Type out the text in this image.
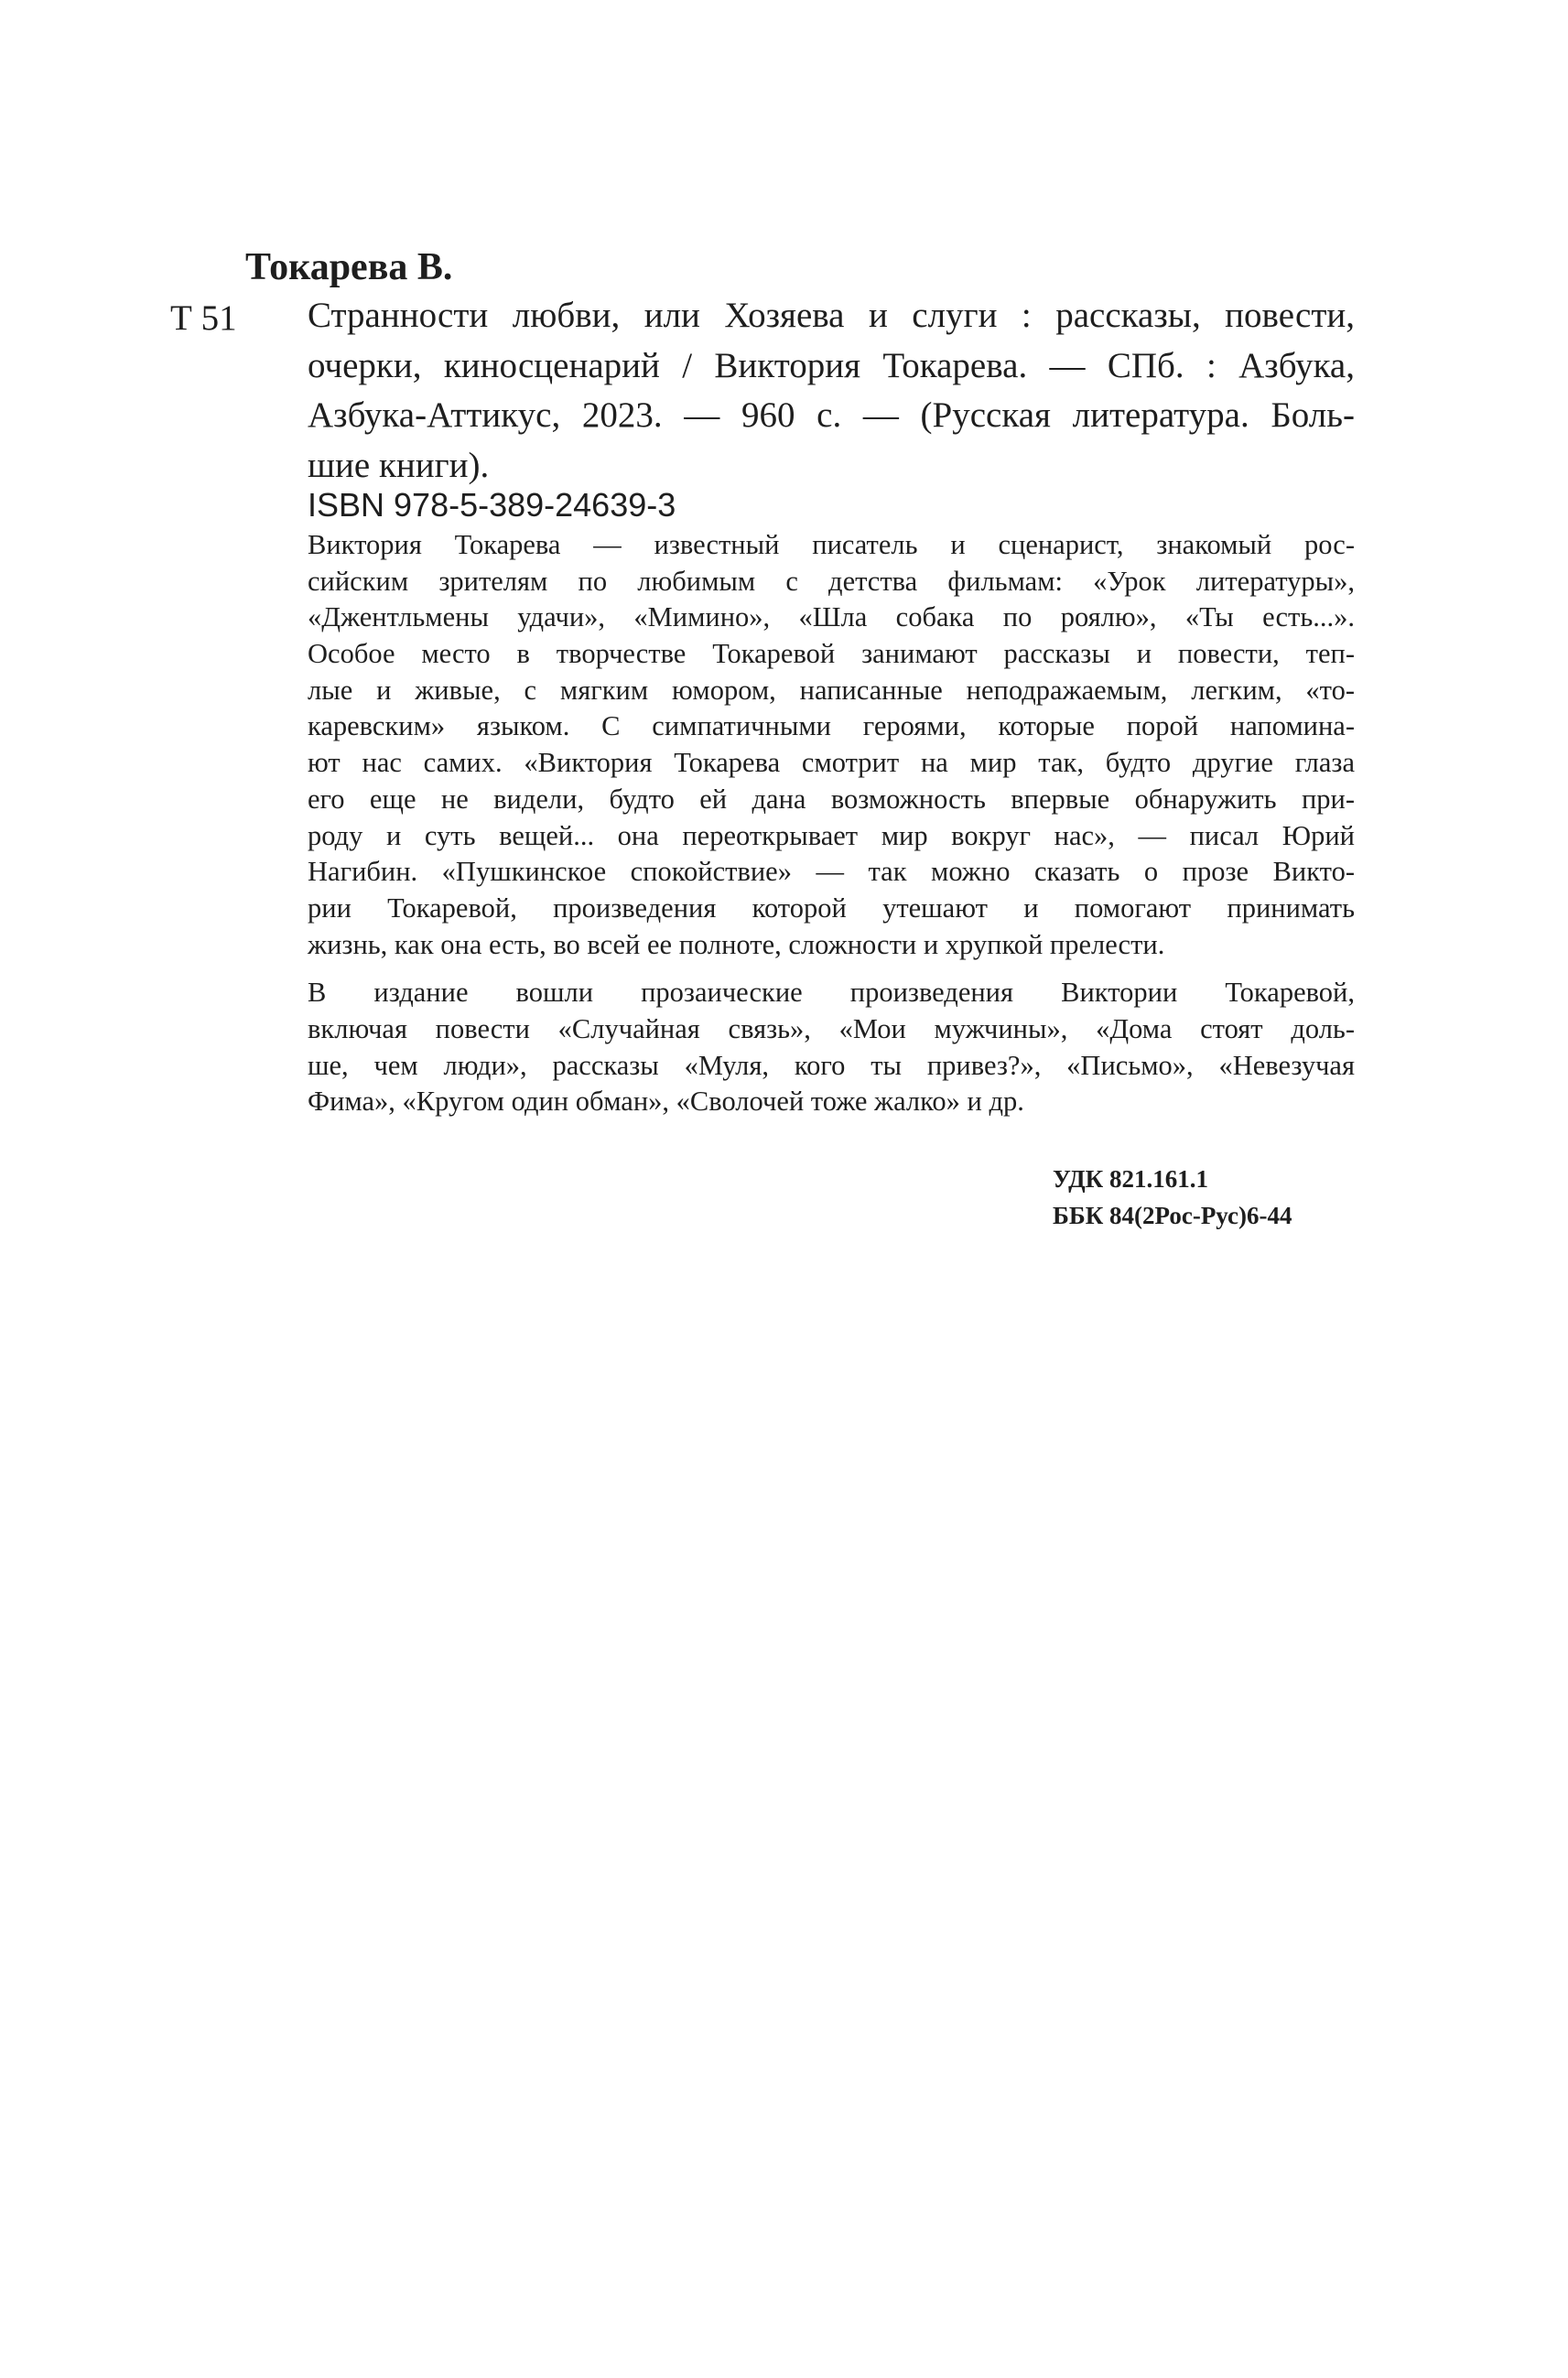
Токарева В.
Т 51 Странности любви, или Хозяева и слуги : рассказы, повести,
очерки, киносценарий / Виктория Токарева. — СПб. : Азбука,
Азбука-Аттикус, 2023. — 960 с. — (Русская литература. Боль-
шие книги).
ISBN 978-5-389-24639-3
Виктория Токарева — известный писатель и сценарист, знакомый рос-
сийским зрителям по любимым с детства фильмам: «Урок литературы»,
«Джентльмены удачи», «Мимино», «Шла собака по роялю», «Ты есть...».
Особое место в творчестве Токаревой занимают рассказы и повести, теп-
лые и живые, с мягким юмором, написанные неподражаемым, легким, «то-
каревским» языком. С симпатичными героями, которые порой напомина-
ют нас самих. «Виктория Токарева смотрит на мир так, будто другие глаза
его еще не видели, будто ей дана возможность впервые обнаружить при-
роду и суть вещей... она переоткрывает мир вокруг нас», — писал Юрий
Нагибин. «Пушкинское спокойствие» — так можно сказать о прозе Викто-
рии Токаревой, произведения которой утешают и помогают принимать
жизнь, как она есть, во всей ее полноте, сложности и хрупкой прелести.
В издание вошли прозаические произведения Виктории Токаревой,
включая повести «Случайная связь», «Мои мужчины», «Дома стоят доль-
ше, чем люди», рассказы «Муля, кого ты привез?», «Письмо», «Невезучая
Фима», «Кругом один обман», «Сволочей тоже жалко» и др.
УДК 821.161.1
ББК 84(2Рос-Рус)6-44
